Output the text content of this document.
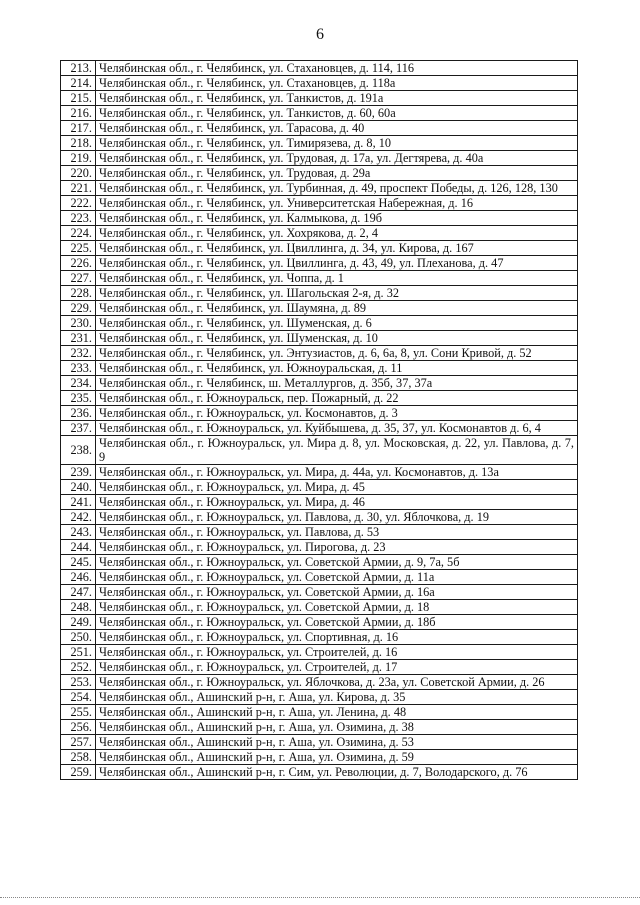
6
213.	Челябинская обл., г. Челябинск, ул. Стахановцев, д. 114, 116
214.	Челябинская обл., г. Челябинск, ул. Стахановцев, д. 118а
215.	Челябинская обл., г. Челябинск, ул. Танкистов, д. 191а
216.	Челябинская обл., г. Челябинск, ул. Танкистов, д. 60, 60а
217.	Челябинская обл., г. Челябинск, ул. Тарасова, д. 40
218.	Челябинская обл., г. Челябинск, ул. Тимирязева, д. 8, 10
219.	Челябинская обл., г. Челябинск, ул. Трудовая, д. 17а, ул. Дегтярева, д. 40а
220.	Челябинская обл., г. Челябинск, ул. Трудовая, д. 29а
221.	Челябинская обл., г. Челябинск, ул. Турбинная, д. 49, проспект Победы, д. 126, 128, 130
222.	Челябинская обл., г. Челябинск, ул. Университетская Набережная, д. 16
223.	Челябинская обл., г. Челябинск, ул. Калмыкова, д. 19б
224.	Челябинская обл., г. Челябинск, ул. Хохрякова, д. 2, 4
225.	Челябинская обл., г. Челябинск, ул. Цвиллинга, д. 34, ул. Кирова, д. 167
226.	Челябинская обл., г. Челябинск, ул. Цвиллинга, д. 43, 49, ул. Плеханова, д. 47
227.	Челябинская обл., г. Челябинск, ул. Чоппа, д. 1
228.	Челябинская обл., г. Челябинск, ул. Шагольская 2-я, д. 32
229.	Челябинская обл., г. Челябинск, ул. Шаумяна, д. 89
230.	Челябинская обл., г. Челябинск, ул. Шуменская, д. 6
231.	Челябинская обл., г. Челябинск, ул. Шуменская, д. 10
232.	Челябинская обл., г. Челябинск, ул. Энтузиастов, д. 6, 6а, 8, ул. Сони Кривой, д. 52
233.	Челябинская обл., г. Челябинск, ул. Южноуральская, д. 11
234.	Челябинская обл., г. Челябинск, ш. Металлургов, д. 35б, 37, 37а
235.	Челябинская обл., г. Южноуральск, пер. Пожарный, д. 22
236.	Челябинская обл., г. Южноуральск, ул. Космонавтов, д. 3
237.	Челябинская обл., г. Южноуральск, ул. Куйбышева, д. 35, 37, ул. Космонавтов д. 6, 4
238.	Челябинская обл., г. Южноуральск, ул. Мира д. 8, ул. Московская, д. 22, ул. Павлова, д. 7, 9
239.	Челябинская обл., г. Южноуральск, ул. Мира, д. 44а, ул. Космонавтов, д. 13а
240.	Челябинская обл., г. Южноуральск, ул. Мира, д. 45
241.	Челябинская обл., г. Южноуральск, ул. Мира, д. 46
242.	Челябинская обл., г. Южноуральск, ул. Павлова, д. 30, ул. Яблочкова, д. 19
243.	Челябинская обл., г. Южноуральск, ул. Павлова, д. 53
244.	Челябинская обл., г. Южноуральск, ул. Пирогова, д. 23
245.	Челябинская обл., г. Южноуральск, ул. Советской Армии, д. 9, 7а, 5б
246.	Челябинская обл., г. Южноуральск, ул. Советской Армии, д. 11а
247.	Челябинская обл., г. Южноуральск, ул. Советской Армии, д. 16а
248.	Челябинская обл., г. Южноуральск, ул. Советской Армии, д. 18
249.	Челябинская обл., г. Южноуральск, ул. Советской Армии, д. 18б
250.	Челябинская обл., г. Южноуральск, ул. Спортивная, д. 16
251.	Челябинская обл., г. Южноуральск, ул. Строителей, д. 16
252.	Челябинская обл., г. Южноуральск, ул. Строителей, д. 17
253.	Челябинская обл., г. Южноуральск, ул. Яблочкова, д. 23а, ул. Советской Армии, д. 26
254.	Челябинская обл., Ашинский р-н, г. Аша, ул. Кирова, д. 35
255.	Челябинская обл., Ашинский р-н, г. Аша, ул. Ленина, д. 48
256.	Челябинская обл., Ашинский р-н, г. Аша, ул. Озимина, д. 38
257.	Челябинская обл., Ашинский р-н, г. Аша, ул. Озимина, д. 53
258.	Челябинская обл., Ашинский р-н, г. Аша, ул. Озимина, д. 59
259.	Челябинская обл., Ашинский р-н, г. Сим, ул. Революции, д. 7, Володарского, д. 76
